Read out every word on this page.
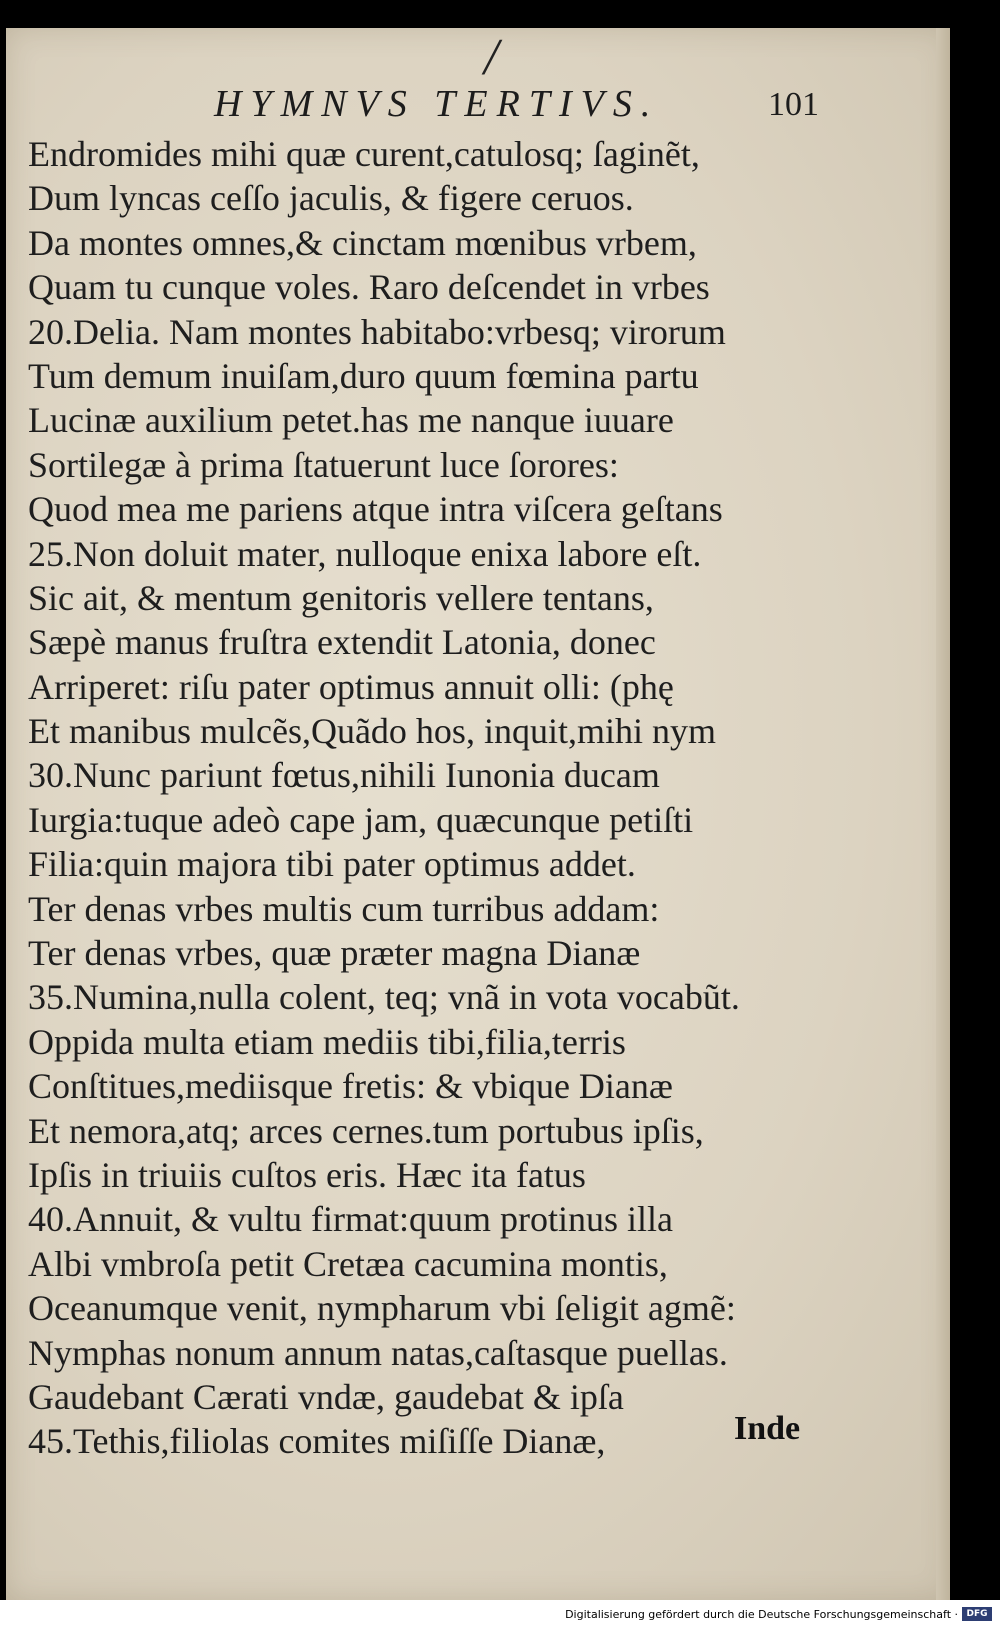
/
HYMNVS TERTIVS.	101
Endromides mihi quæ curent,catulosq; ſaginẽt,
Dum lyncas ceſſo jaculis, & figere ceruos.
Da montes omnes,& cinctam mœnibus vrbem,
Quam tu cunque voles. Raro deſcendet in vrbes
20.Delia. Nam montes habitabo:vrbesq; virorum
Tum demum inuiſam,duro quum fœmina partu
Lucinæ auxilium petet.has me nanque iuuare
Sortilegæ à prima ſtatuerunt luce ſorores:
Quod mea me pariens atque intra viſcera geſtans
25.Non doluit mater, nulloque enixa labore eſt.
Sic ait, & mentum genitoris vellere tentans,
Sæpè manus fruſtra extendit Latonia, donec
Arriperet: riſu pater optimus annuit olli: (phę
Et manibus mulcẽs,Quãdo hos, inquit,mihi nym
30.Nunc pariunt fœtus,nihili Iunonia ducam
Iurgia:tuque adeò cape jam, quæcunque petiſti
Filia:quin majora tibi pater optimus addet.
Ter denas vrbes multis cum turribus addam:
Ter denas vrbes, quæ præter magna Dianæ
35.Numina,nulla colent, teq; vnã in vota vocabũt.
Oppida multa etiam mediis tibi,filia,terris
Conſtitues,mediisque fretis: & vbique Dianæ
Et nemora,atq; arces cernes.tum portubus ipſis,
Ipſis in triuiis cuſtos eris. Hæc ita fatus
40.Annuit, & vultu firmat:quum protinus illa
Albi vmbroſa petit Cretæa cacumina montis,
Oceanumque venit, nympharum vbi ſeligit agmẽ:
Nymphas nonum annum natas,caſtasque puellas.
Gaudebant Cærati vndæ, gaudebat & ipſa
45.Tethis,filiolas comites miſiſſe Dianæ,	Inde
Digitalisierung gefördert durch die Deutsche Forschungsgemeinschaft · DFG
